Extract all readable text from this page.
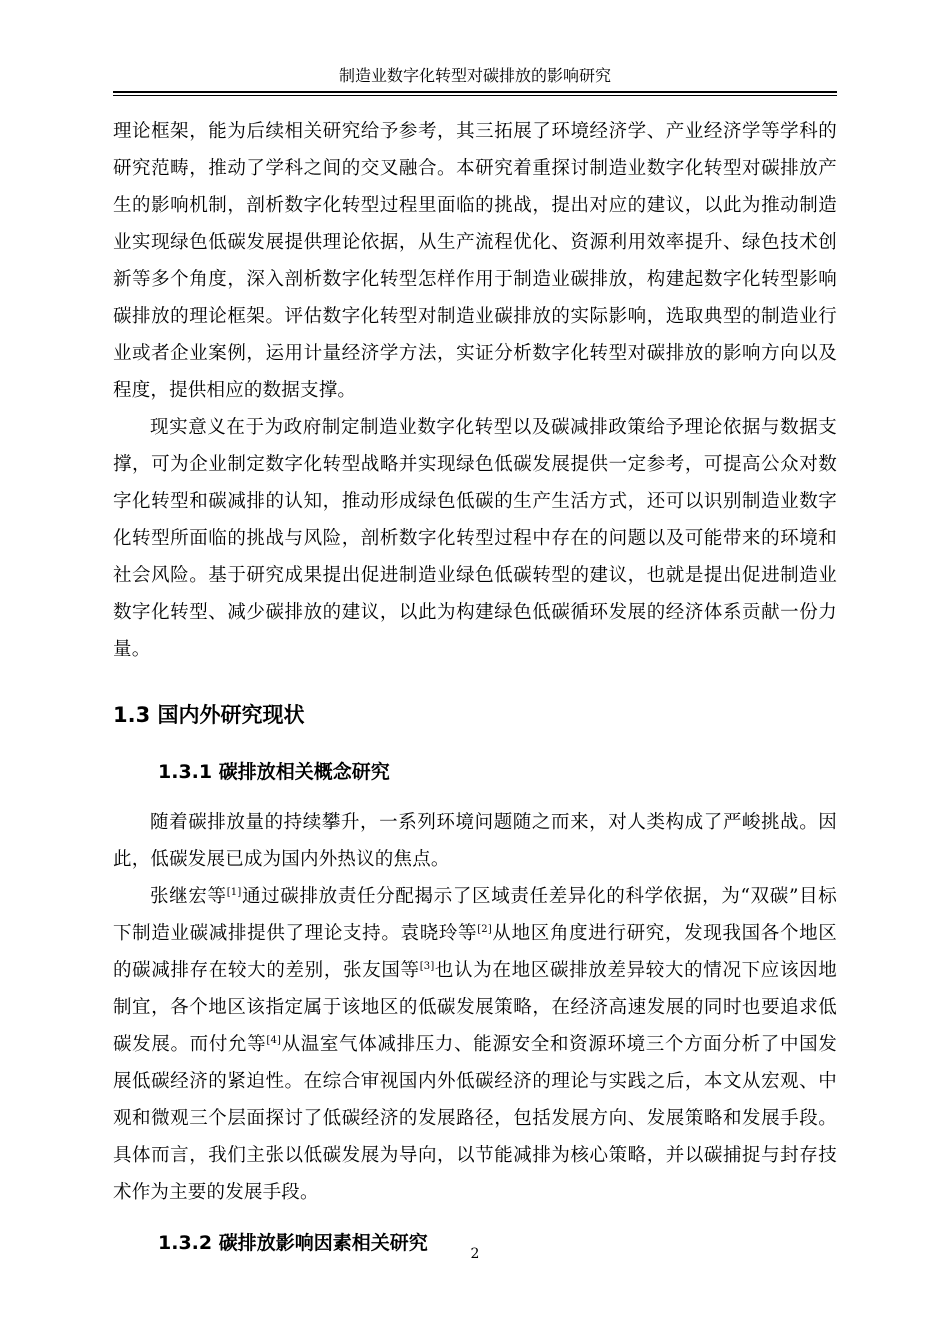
制造业数字化转型对碳排放的影响研究

理论框架，能为后续相关研究给予参考，其三拓展了环境经济学、产业经济学等学科的研究范畴，推动了学科之间的交叉融合。本研究着重探讨制造业数字化转型对碳排放产生的影响机制，剖析数字化转型过程里面临的挑战，提出对应的建议，以此为推动制造业实现绿色低碳发展提供理论依据，从生产流程优化、资源利用效率提升、绿色技术创新等多个角度，深入剖析数字化转型怎样作用于制造业碳排放，构建起数字化转型影响碳排放的理论框架。评估数字化转型对制造业碳排放的实际影响，选取典型的制造业行业或者企业案例，运用计量经济学方法，实证分析数字化转型对碳排放的影响方向以及程度，提供相应的数据支撑。

现实意义在于为政府制定制造业数字化转型以及碳减排政策给予理论依据与数据支撑，可为企业制定数字化转型战略并实现绿色低碳发展提供一定参考，可提高公众对数字化转型和碳减排的认知，推动形成绿色低碳的生产生活方式，还可以识别制造业数字化转型所面临的挑战与风险，剖析数字化转型过程中存在的问题以及可能带来的环境和社会风险。基于研究成果提出促进制造业绿色低碳转型的建议，也就是提出促进制造业数字化转型、减少碳排放的建议，以此为构建绿色低碳循环发展的经济体系贡献一份力量。

1.3 国内外研究现状
1.3.1 碳排放相关概念研究

随着碳排放量的持续攀升，一系列环境问题随之而来，对人类构成了严峻挑战。因此，低碳发展已成为国内外热议的焦点。

张继宏等[1]通过碳排放责任分配揭示了区域责任差异化的科学依据，为“双碳”目标下制造业碳减排提供了理论支持。袁晓玲等[2]从地区角度进行研究，发现我国各个地区的碳减排存在较大的差别，张友国等[3]也认为在地区碳排放差异较大的情况下应该因地制宜，各个地区该指定属于该地区的低碳发展策略，在经济高速发展的同时也要追求低碳发展。而付允等[4]从温室气体减排压力、能源安全和资源环境三个方面分析了中国发展低碳经济的紧迫性。在综合审视国内外低碳经济的理论与实践之后，本文从宏观、中观和微观三个层面探讨了低碳经济的发展路径，包括发展方向、发展策略和发展手段。具体而言，我们主张以低碳发展为导向，以节能减排为核心策略，并以碳捕捉与封存技术作为主要的发展手段。

1.3.2 碳排放影响因素相关研究	2
